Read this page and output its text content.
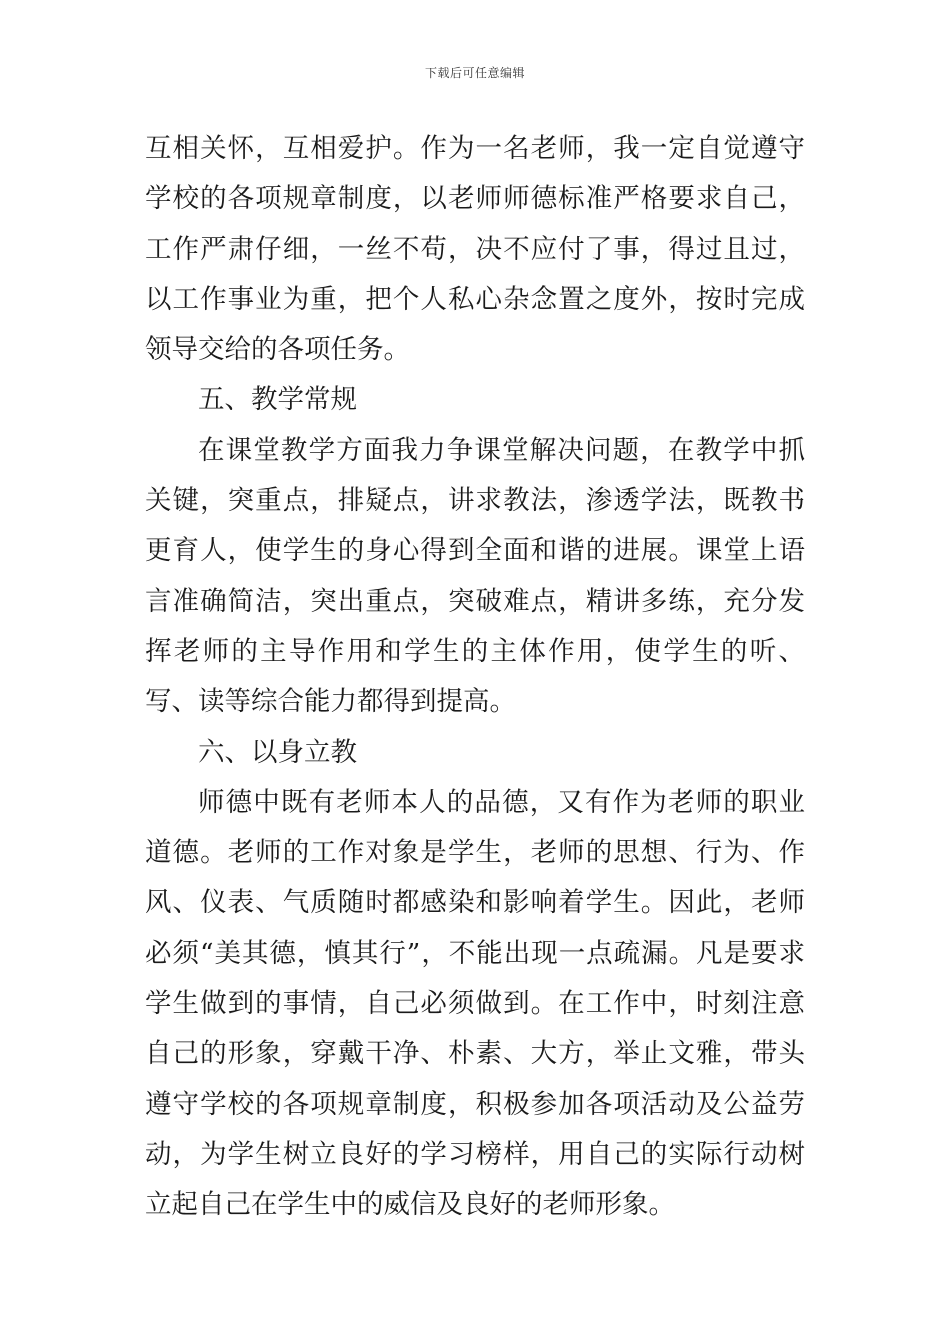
下载后可任意编辑

互相关怀，互相爱护。作为一名老师，我一定自觉遵守学校的各项规章制度，以老师师德标准严格要求自己，工作严肃仔细，一丝不苟，决不应付了事，得过且过，以工作事业为重，把个人私心杂念置之度外，按时完成领导交给的各项任务。

五、教学常规

在课堂教学方面我力争课堂解决问题，在教学中抓关键，突重点，排疑点，讲求教法，渗透学法，既教书更育人，使学生的身心得到全面和谐的进展。课堂上语言准确简洁，突出重点，突破难点，精讲多练，充分发挥老师的主导作用和学生的主体作用，使学生的听、写、读等综合能力都得到提高。

六、以身立教

师德中既有老师本人的品德，又有作为老师的职业道德。老师的工作对象是学生，老师的思想、行为、作风、仪表、气质随时都感染和影响着学生。因此，老师必须“美其德，慎其行”，不能出现一点疏漏。凡是要求学生做到的事情，自己必须做到。在工作中，时刻注意自己的形象，穿戴干净、朴素、大方，举止文雅，带头遵守学校的各项规章制度，积极参加各项活动及公益劳动，为学生树立良好的学习榜样，用自己的实际行动树立起自己在学生中的威信及良好的老师形象。
